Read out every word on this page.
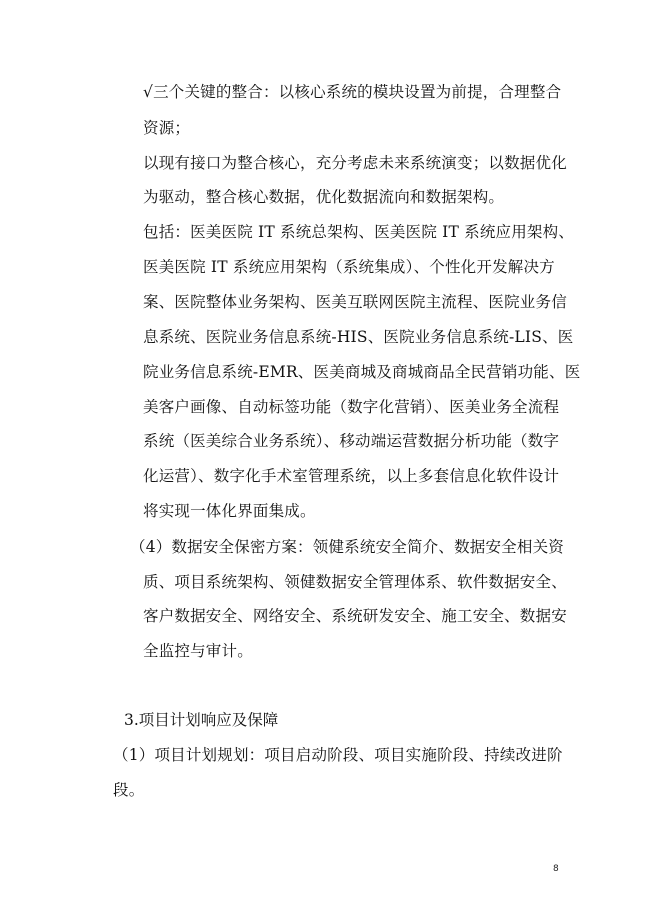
√三个关键的整合：以核心系统的模块设置为前提，合理整合
资源；
以现有接口为整合核心，充分考虑未来系统演变；以数据优化
为驱动，整合核心数据，优化数据流向和数据架构。
包括：医美医院 IT 系统总架构、医美医院 IT 系统应用架构、
医美医院 IT 系统应用架构（系统集成）、个性化开发解决方
案、医院整体业务架构、医美互联网医院主流程、医院业务信
息系统、医院业务信息系统-HIS、医院业务信息系统-LIS、医
院业务信息系统-EMR、医美商城及商城商品全民营销功能、医
美客户画像、自动标签功能（数字化营销）、医美业务全流程
系统（医美综合业务系统）、移动端运营数据分析功能（数字
化运营）、数字化手术室管理系统，以上多套信息化软件设计
将实现一体化界面集成。
（4）数据安全保密方案：领健系统安全简介、数据安全相关资
质、项目系统架构、领健数据安全管理体系、软件数据安全、
客户数据安全、网络安全、系统研发安全、施工安全、数据安
全监控与审计。
3.项目计划响应及保障
（1）项目计划规划：项目启动阶段、项目实施阶段、持续改进阶
段。
8
